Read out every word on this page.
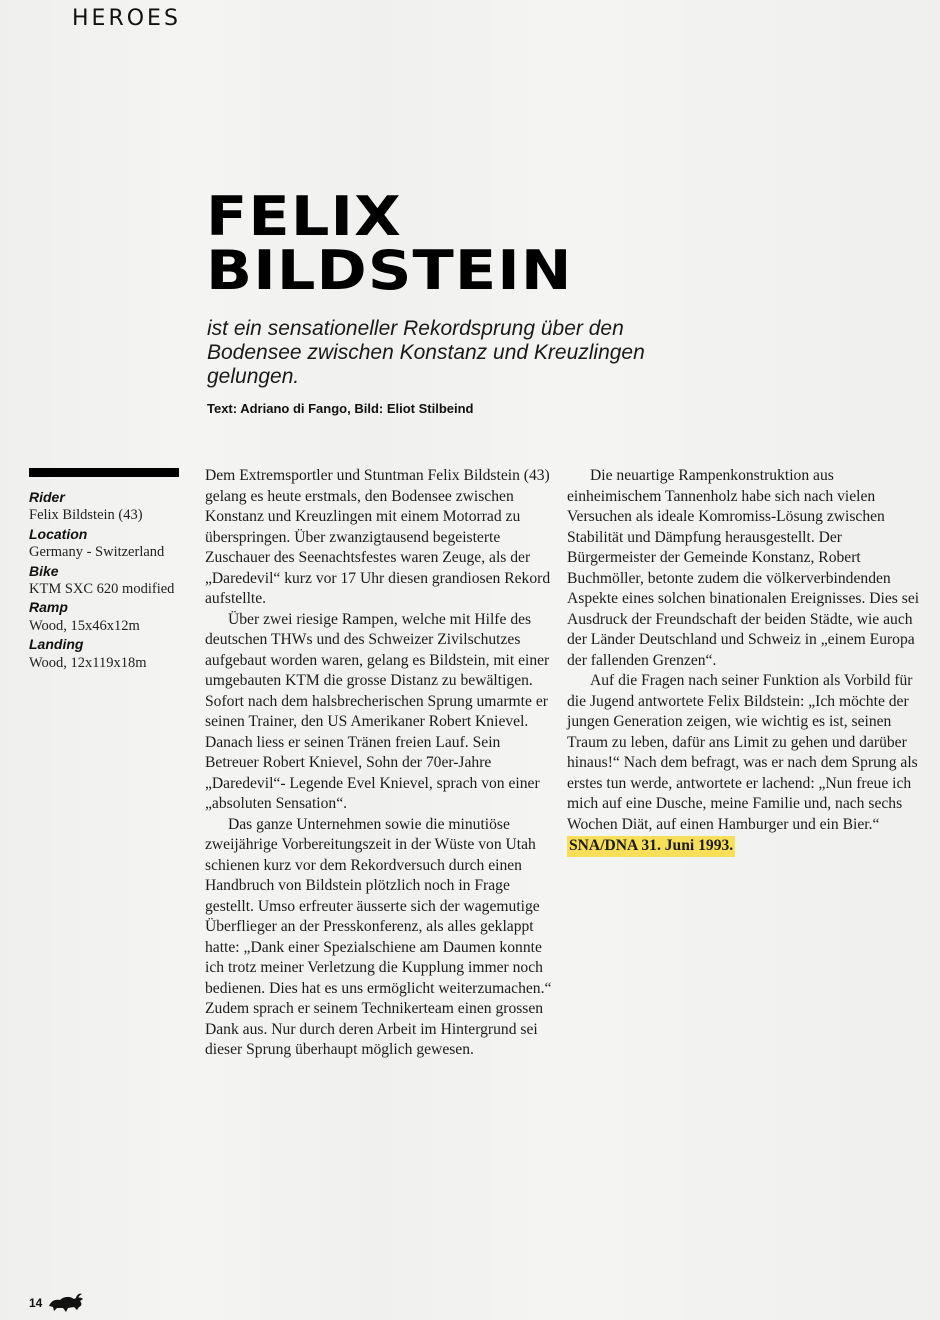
HEROES
FELIX
BILDSTEIN
ist ein sensationeller Rekordsprung über den Bodensee zwischen Konstanz und Kreuzlingen gelungen.
Text: Adriano di Fango, Bild: Eliot Stilbeind
Rider
Felix Bildstein (43)
Location
Germany - Switzerland
Bike
KTM SXC 620 modified
Ramp
Wood, 15x46x12m
Landing
Wood, 12x119x18m

Dem Extremsportler und Stuntman Felix Bildstein (43) gelang es heute erstmals, den Bodensee zwischen Konstanz und Kreuzlingen mit einem Motorrad zu überspringen. Über zwanzigtausend begeisterte Zuschauer des Seenachtsfestes waren Zeuge, als der „Daredevil“ kurz vor 17 Uhr diesen grandiosen Rekord aufstellte.

Über zwei riesige Rampen, welche mit Hilfe des deutschen THWs und des Schweizer Zivilschutzes aufgebaut worden waren, gelang es Bildstein, mit einer umgebauten KTM die grosse Distanz zu bewältigen. Sofort nach dem halsbrecherischen Sprung umarmte er seinen Trainer, den US Amerikaner Robert Knievel. Danach liess er seinen Tränen freien Lauf. Sein Betreuer Robert Knievel, Sohn der 70er-Jahre „Daredevil“- Legende Evel Knievel, sprach von einer „absoluten Sensation“.

Das ganze Unternehmen sowie die minutiöse zweijährige Vorbereitungszeit in der Wüste von Utah schienen kurz vor dem Rekordversuch durch einen Handbruch von Bildstein plötzlich noch in Frage gestellt. Umso erfreuter äusserte sich der wagemutige Überflieger an der Presskonferenz, als alles geklappt hatte: „Dank einer Spezialschiene am Daumen konnte ich trotz meiner Verletzung die Kupplung immer noch bedienen. Dies hat es uns ermöglicht weiterzumachen.“ Zudem sprach er seinem Technikerteam einen grossen Dank aus. Nur durch deren Arbeit im Hintergrund sei dieser Sprung überhaupt möglich gewesen.

Die neuartige Rampenkonstruktion aus einheimischem Tannenholz habe sich nach vielen Versuchen als ideale Komromiss-Lösung zwischen Stabilität und Dämpfung herausgestellt. Der Bürgermeister der Gemeinde Konstanz, Robert Buchmöller, betonte zudem die völkerverbindenden Aspekte eines solchen binationalen Ereignisses. Dies sei Ausdruck der Freundschaft der beiden Städte, wie auch der Länder Deutschland und Schweiz in „einem Europa der fallenden Grenzen“.

Auf die Fragen nach seiner Funktion als Vorbild für die Jugend antwortete Felix Bildstein: „Ich möchte der jungen Generation zeigen, wie wichtig es ist, seinen Traum zu leben, dafür ans Limit zu gehen und darüber hinaus!“ Nach dem befragt, was er nach dem Sprung als erstes tun werde, antwortete er lachend: „Nun freue ich mich auf eine Dusche, meine Familie und, nach sechs Wochen Diät, auf einen Hamburger und ein Bier.“

SNA/DNA 31. Juni 1993.
14
